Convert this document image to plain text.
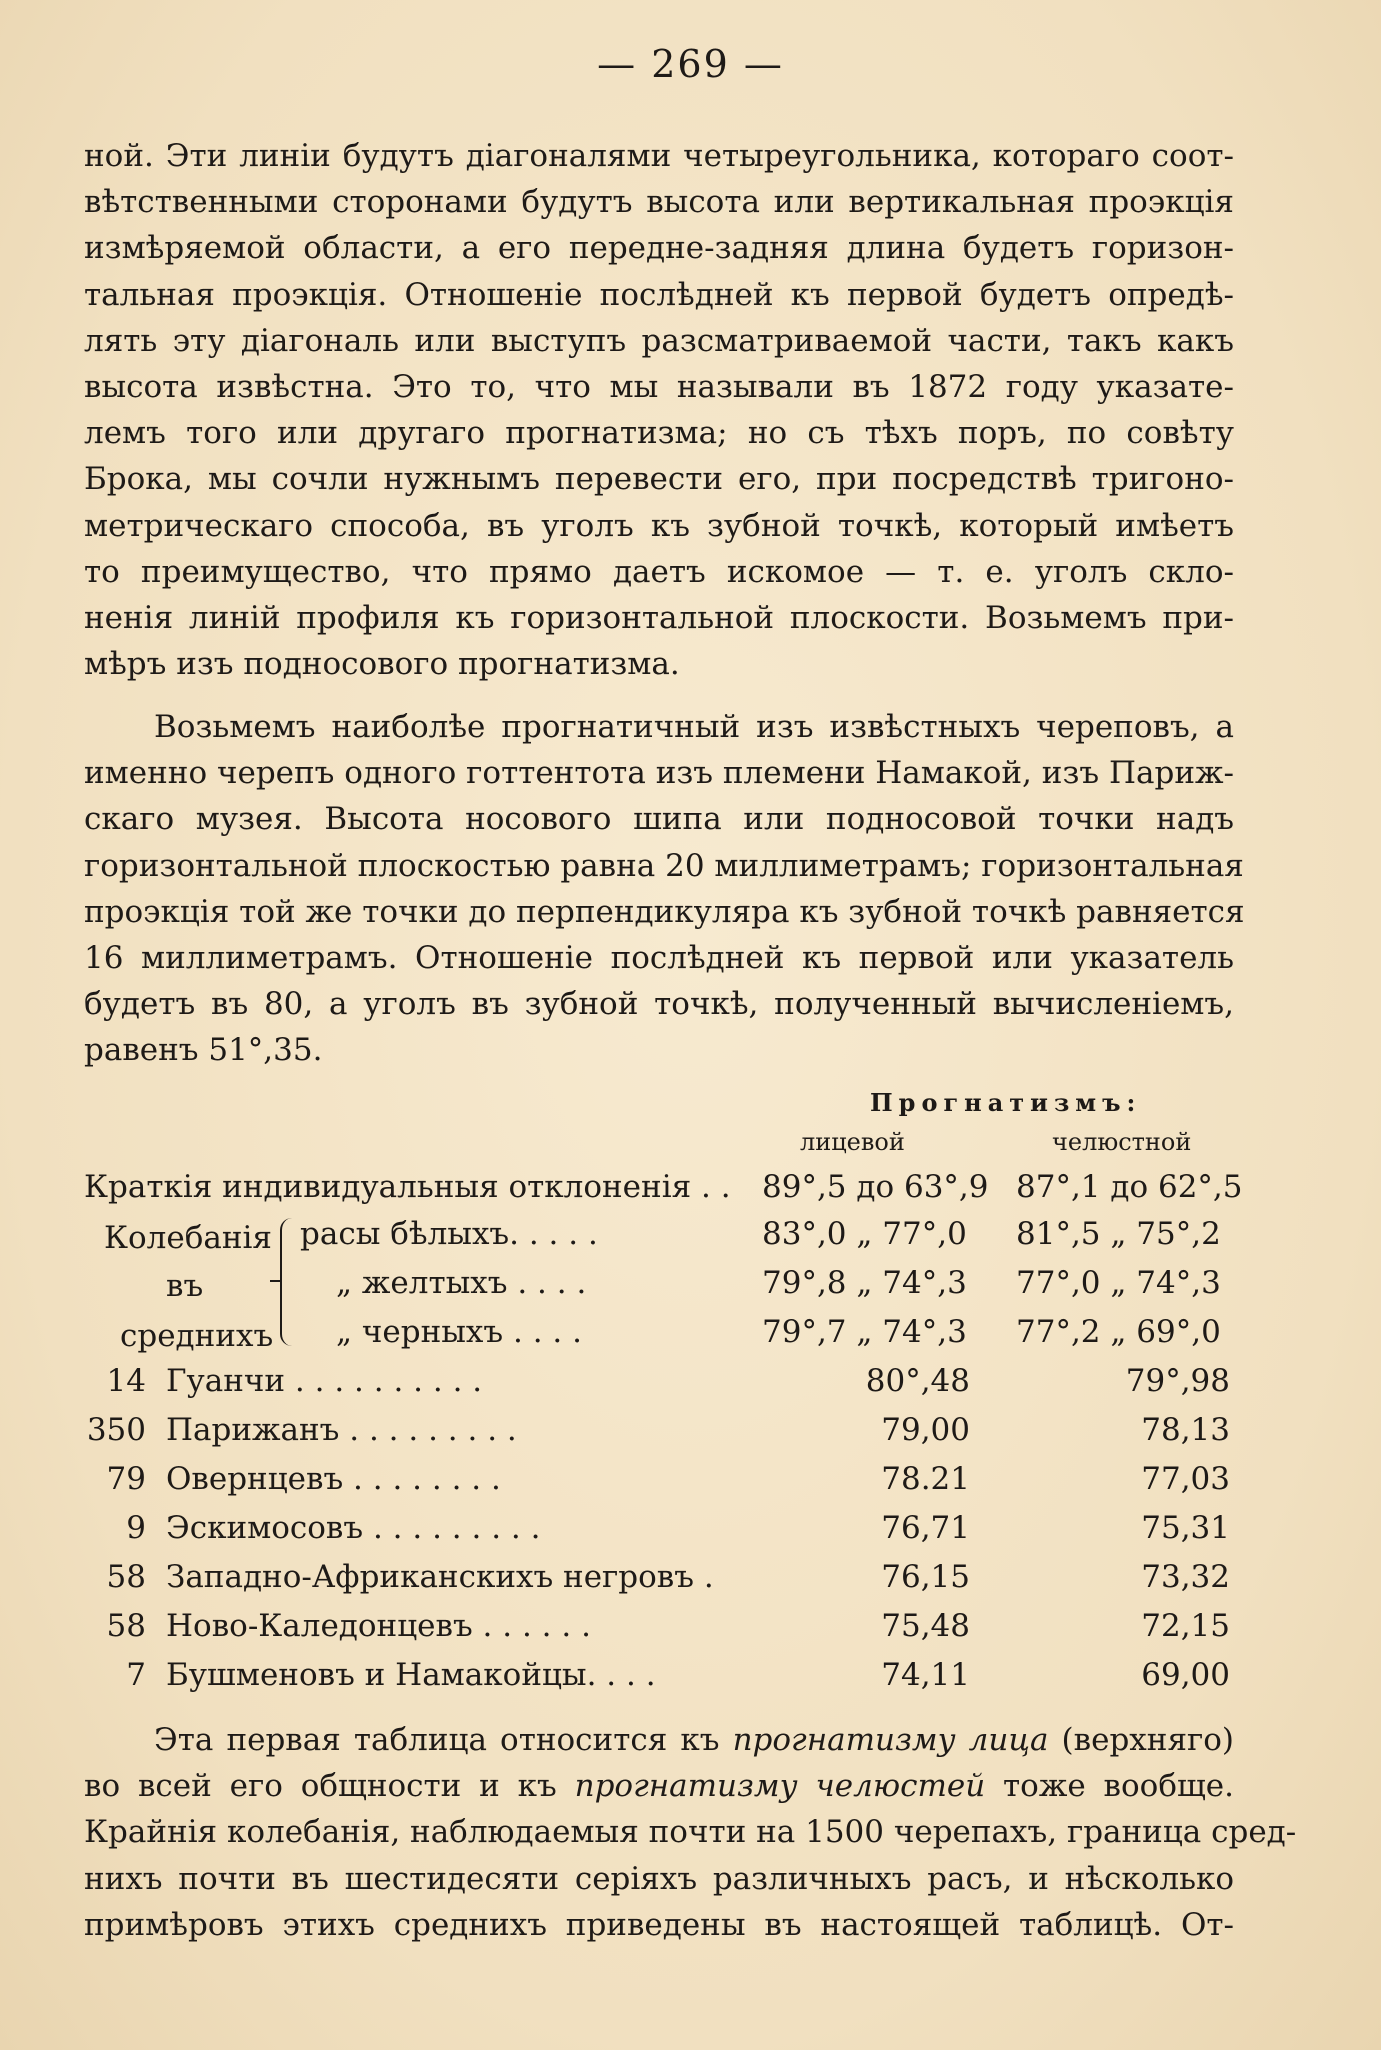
— 269 —
ной. Эти линіи будутъ діагоналями четыреугольника, котораго соот-
вѣтственными сторонами будутъ высота или вертикальная проэкція
измѣряемой области, а его передне-задняя длина будетъ горизон-
тальная проэкція. Отношеніе послѣдней къ первой будетъ опредѣ-
лять эту діагональ или выступъ разсматриваемой части, такъ какъ
высота извѣстна. Это то, что мы называли въ 1872 году указате-
лемъ того или другаго прогнатизма; но съ тѣхъ поръ, по совѣту
Брока, мы сочли нужнымъ перевести его, при посредствѣ тригоно-
метрическаго способа, въ уголъ къ зубной точкѣ, который имѣетъ
то преимущество, что прямо даетъ искомое — т. е. уголъ скло-
ненія линій профиля къ горизонтальной плоскости. Возьмемъ при-
мѣръ изъ подносового прогнатизма.
Возьмемъ наиболѣе прогнатичный изъ извѣстныхъ череповъ, а
именно черепъ одного готтентота изъ племени Намакой, изъ Париж-
скаго музея. Высота носового шипа или подносовой точки надъ
горизонтальной плоскостью равна 20 миллиметрамъ; горизонтальная
проэкція той же точки до перпендикуляра къ зубной точкѣ равняется
16 миллиметрамъ. Отношеніе послѣдней къ первой или указатель
будетъ въ 80, а уголъ въ зубной точкѣ, полученный вычисленіемъ,
равенъ 51°,35.
Прогнатизмъ:
лицевой	челюстной
Краткія индивидуальныя отклоненія . . 89°,5 до 63°,9 87°,1 до 62°,5
Колебанія
въ
среднихъ
расы бѣлыхъ. . . . .	83°,0 „ 77°,0 81°,5 „ 75°,2
„ желтыхъ . . . .	79°,8 „ 74°,3 77°,0 „ 74°,3
„ черныхъ . . . .	79°,7 „ 74°,3 77°,2 „ 69°,0
14 Гуанчи . . . . . . . . . .	80°,48	79°,98
350 Парижанъ . . . . . . . . .	79,00	78,13
79 Овернцевъ . . . . . . . .	78.21	77,03
9 Эскимосовъ . . . . . . . . .	76,71	75,31
58 Западно-Африканскихъ негровъ .	76,15	73,32
58 Ново-Каледонцевъ . . . . . .	75,48	72,15
7 Бушменовъ и Намакойцы. . . .	74,11	69,00
Эта первая таблица относится къ прогнатизму лица (верхняго)
во всей его общности и къ прогнатизму челюстей тоже вообще.
Крайнія колебанія, наблюдаемыя почти на 1500 черепахъ, граница сред-
нихъ почти въ шестидесяти серіяхъ различныхъ расъ, и нѣсколько
примѣровъ этихъ среднихъ приведены въ настоящей таблицѣ. От-
